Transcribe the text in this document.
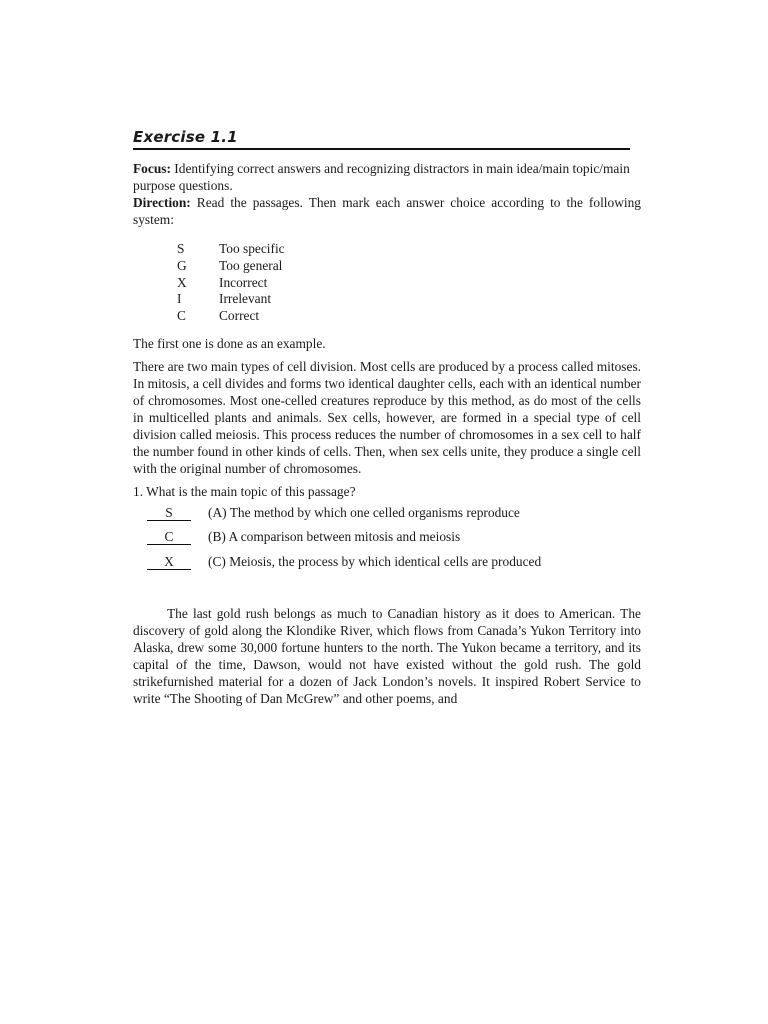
Exercise 1.1

Focus: Identifying correct answers and recognizing distractors in main idea/main topic/main purpose questions.

Direction: Read the passages. Then mark each answer choice according to the following system:

S	Too specific
G	Too general
X	Incorrect
I	Irrelevant
C	Correct

The first one is done as an example.

There are two main types of cell division. Most cells are produced by a process called mitoses. In mitosis, a cell divides and forms two identical daughter cells, each with an identical number of chromosomes. Most one-celled creatures reproduce by this method, as do most of the cells in multicelled plants and animals. Sex cells, however, are formed in a special type of cell division called meiosis. This process reduces the number of chromosomes in a sex cell to half the number found in other kinds of cells. Then, when sex cells unite, they produce a single cell with the original number of chromosomes.

1. What is the main topic of this passage?

S	(A) The method by which one celled organisms reproduce
C	(B) A comparison between mitosis and meiosis
X	(C) Meiosis, the process by which identical cells are produced

The last gold rush belongs as much to Canadian history as it does to American. The discovery of gold along the Klondike River, which flows from Canada’s Yukon Territory into Alaska, drew some 30,000 fortune hunters to the north. The Yukon became a territory, and its capital of the time, Dawson, would not have existed without the gold rush. The gold strikefurnished material for a dozen of Jack London’s novels. It inspired Robert Service to write “The Shooting of Dan McGrew” and other poems, and
